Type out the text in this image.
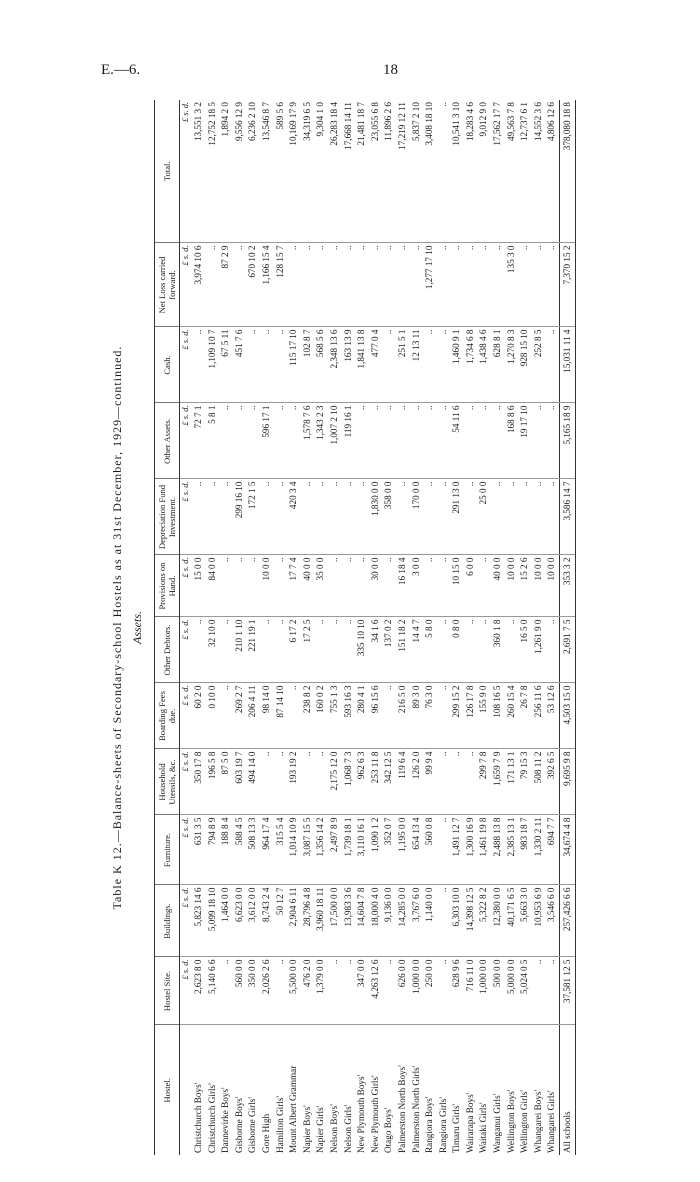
E.—6.	18
Table K 12.—Balance-sheets of Secondary-school Hostels as at 31st December, 1929—continued. Assets.
Hostel.	Hostel Site.	Buildings.	Furniture.	Household Utensils, &c.	Boarding Fees due.	Other Debtors.	Provisions on Hand.	Depreciation Fund Investment.	Other Assets.	Cash.	Net Loss carried forward.	Total.
	£ s. d.	£ s. d.	£ s. d.	£ s. d.	£ s. d.	£ s. d.	£ s. d.	£ s. d.	£ s. d.	£ s. d.	£ s. d.	£ s. d.
Christchurch Boys'	2,623 8 0	5,823 14 6	631 3 5	350 17 8	60 2 0	..	15 0 0	..	72 7 1	..	3,974 10 6	13,551 3 2
Christchurch Girls'	5,140 6 6	5,099 18 10	794 8 9	196 5 8	0 10 0	32 10 0	84 0 0	..	5 8 1	1,109 10 7	..	12,752 18 5
Dannevirke Boys'	..	1,464 0 0	188 8 4	87 5 0	..	..	..	..	..	67 5 11	87 2 9	1,894 2 0
Gisborne Boys'	560 0 0	6,623 0 0	588 4 5	603 19 7	269 2 7	210 1 10	..	299 16 10	..	451 7 6	..	9,556 12 9
Gisborne Girls'	350 0 0	3,612 0 0	508 13 3	494 14 0	206 4 11	221 19 1	..	172 1 5	..	..	670 10 2	6,236 2 10
Gore High	2,026 2 6	8,743 2 4	964 17 4	..	98 14 0	..	10 0 0	..	596 17 1	..	1,166 15 4	13,546 8 7
Hamilton Girls'	..	50 12 7	315 5 4	..	87 14 10	..	..	..	..	..	128 15 7	589 5 6
Mount Albert Grammar	5,500 0 0	2,904 6 11	1,014 10 9	193 19 2	..	6 17 2	17 7 4	420 3 4	..	115 17 10	..	10,169 17 9
Napier Boys'	476 2 0	28,796 4 8	3,087 15 5	..	238 8 2	17 2 5	40 0 0	..	1,578 7 6	102 8 7	..	34,319 6 5
Napier Girls'	1,379 0 0	3,960 18 11	1,356 14 2	..	160 0 2	..	35 0 0	..	1,343 2 3	568 5 6	..	9,304 1 0
Nelson Boys'	..	17,500 0 0	2,497 8 9	2,175 12 0	755 1 3	..	..	..	1,007 2 10	2,348 13 6	..	26,283 18 4
Nelson Girls'	..	13,983 3 6	1,739 18 1	1,068 7 3	593 16 3	..	..	..	119 16 1	163 13 9	..	17,668 14 11
New Plymouth Boys'	347 0 0	14,604 7 8	3,110 16 1	962 6 3	280 4 1	335 10 10	..	..	..	1,841 13 8	..	21,481 18 7
New Plymouth Girls'	4,263 12 6	18,000 4 0	1,090 1 2	253 11 8	96 15 6	34 1 6	30 0 0	1,830 0 0	..	477 0 4	..	23,055 6 8
Otago Boys'	..	9,136 0 0	352 0 7	342 12 5	..	137 0 2	..	358 0 0	..	..	..	11,896 2 6
Palmerston North Boys'	626 0 0	14,285 0 0	1,195 0 0	119 6 4	216 5 0	151 18 2	16 18 4	..	..	251 5 1	..	17,219 12 11
Palmerston North Girls'	1,000 0 0	3,767 6 0	654 13 4	126 2 0	89 3 0	14 4 7	3 0 0	170 0 0	..	12 13 11	..	5,837 2 10
Rangiora Boys'	250 0 0	1,140 0 0	560 0 8	99 9 4	76 3 0	5 8 0	..	..	..	..	1,277 17 10	3,408 18 10
Rangiora Girls'	..	..	..	..	..	..	..	..	..	..	..	..
Timaru Girls'	628 9 6	6,303 10 0	1,491 12 7	..	299 15 2	0 8 0	10 15 0	291 13 0	54 11 6	1,460 9 1	..	10,541 3 10
Wairarapa Boys'	716 11 0	14,398 12 5	1,300 16 9	..	126 17 8	..	6 0 0	..	..	1,734 6 8	..	18,283 4 6
Waitaki Girls'	1,000 0 0	5,322 8 2	1,461 19 8	299 7 8	155 9 0	..	..	25 0 0	..	1,438 4 6	..	9,012 9 0
Wanganui Girls'	500 0 0	12,380 0 0	2,488 13 8	1,659 7 9	108 16 5	360 1 8	40 0 0	..	..	628 8 1	..	17,562 17 7
Wellington Boys'	5,000 0 0	40,171 6 5	2,385 13 1	171 13 1	260 15 4	..	10 0 0	..	168 8 6	1,270 8 3	135 3 0	49,563 7 8
Wellington Girls'	5,024 0 5	5,663 3 0	983 18 7	79 15 3	26 7 8	16 5 0	15 2 6	..	19 17 10	928 15 10	..	12,737 6 1
Whangarei Boys'	..	10,953 6 9	1,330 2 11	508 11 2	256 11 6	1,261 9 0	10 0 0	..	..	252 8 5	..	14,552 3 6
Whangarei Girls'	..	3,546 6 0	694 7 7	392 6 5	53 12 6	..	10 0 0	..	..	..	..	4,806 12 6
All schools	37,581 12 5	257,426 6 6	34,674 4 8	9,695 9 8	4,503 15 0	2,691 7 5	353 3 2	3,586 14 7	5,165 18 9	15,031 11 4	7,370 15 2	378,080 18 8
